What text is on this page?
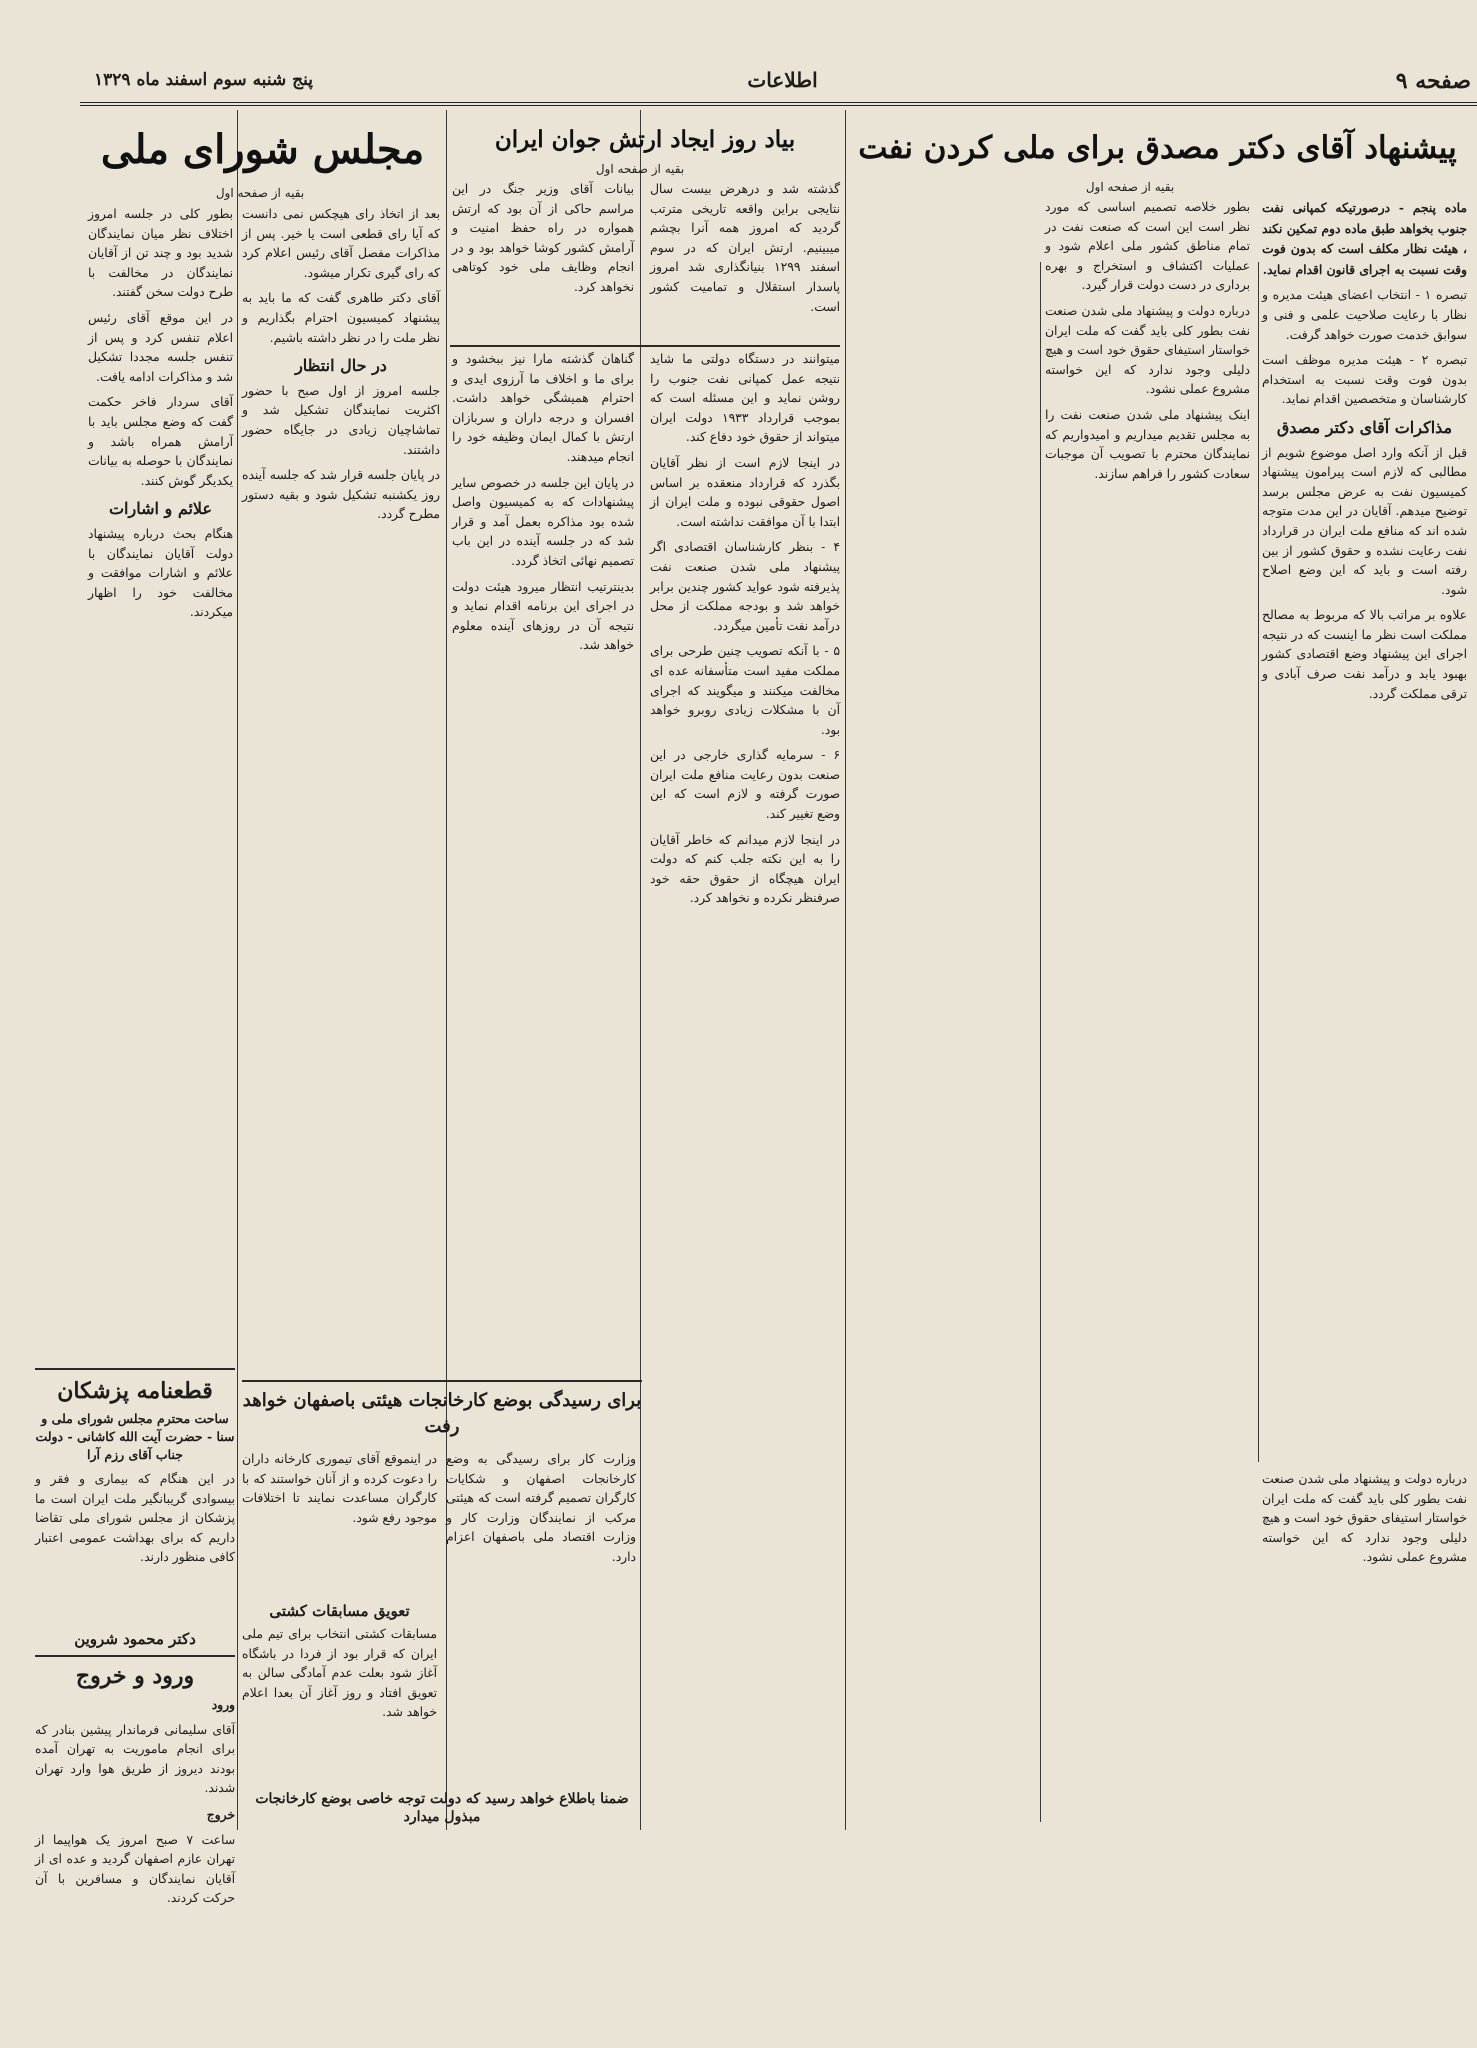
صفحه ۹
اطلاعات
پنج شنبه سوم اسفند ماه ۱۳۲۹
پیشنهاد آقای دکتر مصدق برای ملی کردن نفت
بقیه از صفحه اول

ماده پنجم - درصورتیکه کمپانی نفت جنوب بخواهد طبق ماده دوم تمکین نکند ، هیئت نظار مکلف است که بدون فوت وقت نسبت به اجرای قانون اقدام نماید.

تبصره ۱ - انتخاب اعضای هیئت مدیره و نظار با رعایت صلاحیت علمی و فنی و سوابق خدمت صورت خواهد گرفت.

تبصره ۲ - هیئت مدیره موظف است بدون فوت وقت نسبت به استخدام کارشناسان و متخصصین اقدام نماید.

مذاکرات آقای دکتر مصدق

قبل از آنکه وارد اصل موضوع شویم از مطالبی که لازم است پیرامون پیشنهاد کمیسیون نفت به عرض مجلس برسد توضیح میدهم. آقایان در این مدت متوجه شده اند که منافع ملت ایران در قرارداد نفت رعایت نشده و حقوق کشور از بین رفته است و باید که این وضع اصلاح شود.

علاوه بر مراتب بالا که مربوط به مصالح مملکت است نظر ما اینست که در نتیجه اجرای این پیشنهاد وضع اقتصادی کشور بهبود یابد و درآمد نفت صرف آبادی و ترقی مملکت گردد.

بطور خلاصه تصمیم اساسی که مورد نظر است این است که صنعت نفت در تمام مناطق کشور ملی اعلام شود و عملیات اکتشاف و استخراج و بهره برداری در دست دولت قرار گیرد.

درباره دولت و پیشنهاد ملی شدن صنعت نفت بطور کلی باید گفت که ملت ایران خواستار استیفای حقوق خود است و هیچ دلیلی وجود ندارد که این خواسته مشروع عملی نشود.

اینک پیشنهاد ملی شدن صنعت نفت را به مجلس تقدیم میداریم و امیدواریم که نمایندگان محترم با تصویب آن موجبات سعادت کشور را فراهم سازند.

درباره دولت و پیشنهاد ملی شدن صنعت نفت بطور کلی باید گفت که ملت ایران خواستار استیفای حقوق خود است و هیچ دلیلی وجود ندارد که این خواسته مشروع عملی نشود.

بیاد روز ایجاد ارتش جوان ایران
بقیه از صفحه اول

گذشته شد و درهرض بیست سال نتایجی براین واقعه تاریخی مترتب گردید که امروز همه آنرا بچشم میبینیم. ارتش ایران که در سوم اسفند ۱۲۹۹ بنیانگذاری شد امروز پاسدار استقلال و تمامیت کشور است.

بیانات آقای وزیر جنگ در این مراسم حاکی از آن بود که ارتش همواره در راه حفظ امنیت و آرامش کشور کوشا خواهد بود و در انجام وظایف ملی خود کوتاهی نخواهد کرد.

گناهان گذشته مارا نیز ببخشود و برای ما و اخلاف ما آرزوی ایدی و احترام همیشگی خواهد داشت. افسران و درجه داران و سربازان ارتش با کمال ایمان وظیفه خود را انجام میدهند.

در پایان این جلسه در خصوص سایر پیشنهادات که به کمیسیون واصل شده بود مذاکره بعمل آمد و قرار شد که در جلسه آینده در این باب تصمیم نهائی اتخاذ گردد.

بدینترتیب انتظار میرود هیئت دولت در اجرای این برنامه اقدام نماید و نتیجه آن در روزهای آینده معلوم خواهد شد.

میتوانند در دستگاه دولتی ما شاید نتیجه عمل کمپانی نفت جنوب را روشن نماید و این مسئله است که بموجب قرارداد ۱۹۳۳ دولت ایران میتواند از حقوق خود دفاع کند.

در اینجا لازم است از نظر آقایان بگذرد که قرارداد منعقده بر اساس اصول حقوقی نبوده و ملت ایران از ابتدا با آن موافقت نداشته است.

۴ - بنظر کارشناسان اقتصادی اگر پیشنهاد ملی شدن صنعت نفت پذیرفته شود عواید کشور چندین برابر خواهد شد و بودجه مملکت از محل درآمد نفت تأمین میگردد.

۵ - با آنکه تصویب چنین طرحی برای مملکت مفید است متأسفانه عده ای مخالفت میکنند و میگویند که اجرای آن با مشکلات زیادی روبرو خواهد بود.

۶ - سرمایه گذاری خارجی در این صنعت بدون رعایت منافع ملت ایران صورت گرفته و لازم است که این وضع تغییر کند.

در اینجا لازم میدانم که خاطر آقایان را به این نکته جلب کنم که دولت ایران هیچگاه از حقوق حقه خود صرفنظر نکرده و نخواهد کرد.

مجلس شورای ملی
بقیه از صفحه اول

بعد از اتخاذ رای هیچکس نمی دانست که آیا رای قطعی است یا خیر. پس از مذاکرات مفصل آقای رئیس اعلام کرد که رای گیری تکرار میشود.

آقای دکتر طاهری گفت که ما باید به پیشنهاد کمیسیون احترام بگذاریم و نظر ملت را در نظر داشته باشیم.

در حال انتظار

جلسه امروز از اول صبح با حضور اکثریت نمایندگان تشکیل شد و تماشاچیان زیادی در جایگاه حضور داشتند.

در پایان جلسه قرار شد که جلسه آینده روز یکشنبه تشکیل شود و بقیه دستور مطرح گردد.

بطور کلی در جلسه امروز اختلاف نظر میان نمایندگان شدید بود و چند تن از آقایان نمایندگان در مخالفت با طرح دولت سخن گفتند.

در این موقع آقای رئیس اعلام تنفس کرد و پس از تنفس جلسه مجددا تشکیل شد و مذاکرات ادامه یافت.

آقای سردار فاخر حکمت گفت که وضع مجلس باید با آرامش همراه باشد و نمایندگان با حوصله به بیانات یکدیگر گوش کنند.

علائم و اشارات

هنگام بحث درباره پیشنهاد دولت آقایان نمایندگان با علائم و اشارات موافقت و مخالفت خود را اظهار میکردند.

برای رسیدگی بوضع کارخانجات هیئتی باصفهان خواهد رفت

وزارت کار برای رسیدگی به وضع کارخانجات اصفهان و شکایات کارگران تصمیم گرفته است که هیئتی مرکب از نمایندگان وزارت کار و وزارت اقتصاد ملی باصفهان اعزام دارد.

در اینموقع آقای تیموری کارخانه داران را دعوت کرده و از آنان خواستند که با کارگران مساعدت نمایند تا اختلافات موجود رفع شود.

ضمنا باطلاع خواهد رسید که دولت توجه خاصی بوضع کارخانجات مبذول میدارد
قطعنامه پزشکان
ساحت محترم مجلس شورای ملی و سنا - حضرت آیت الله کاشانی - دولت جناب آقای رزم آرا

در این هنگام که بیماری و فقر و بیسوادی گریبانگیر ملت ایران است ما پزشکان از مجلس شورای ملی تقاضا داریم که برای بهداشت عمومی اعتبار کافی منظور دارند.

دکتر محمود شروین
ورود و خروج

ورود

آقای سلیمانی فرماندار پیشین بنادر که برای انجام ماموریت به تهران آمده بودند دیروز از طریق هوا وارد تهران شدند.

خروج

ساعت ۷ صبح امروز یک هواپیما از تهران عازم اصفهان گردید و عده ای از آقایان نمایندگان و مسافرین با آن حرکت کردند.

تعویق مسابقات کشتی

مسابقات کشتی انتخاب برای تیم ملی ایران که قرار بود از فردا در باشگاه آغاز شود بعلت عدم آمادگی سالن به تعویق افتاد و روز آغاز آن بعدا اعلام خواهد شد.
